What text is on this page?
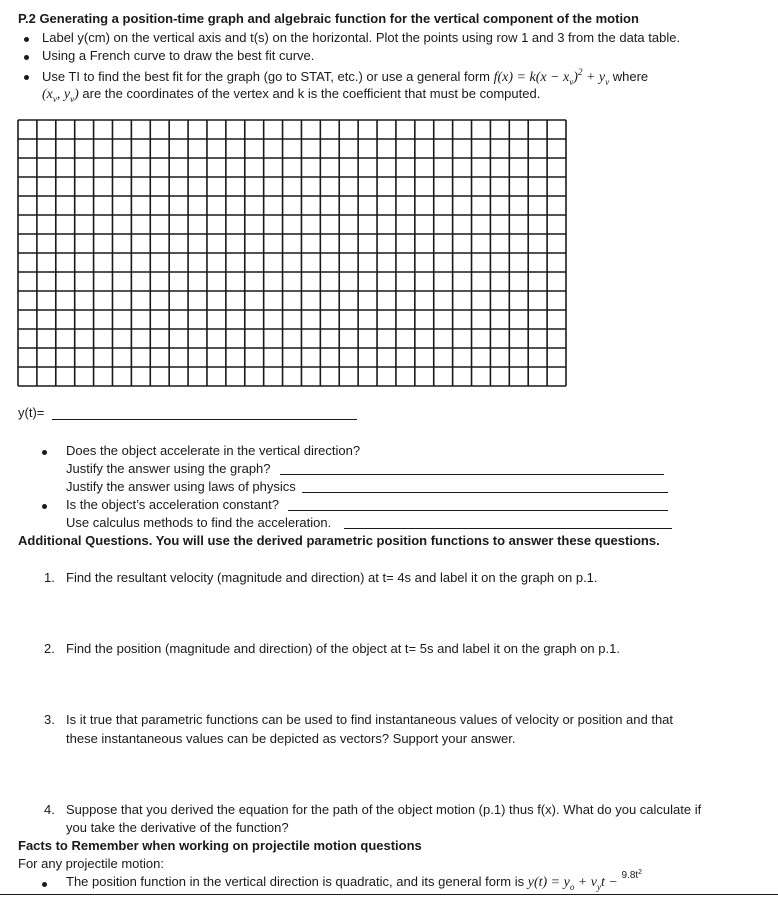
P.2 Generating a position-time graph and algebraic function for the vertical component of the motion
Label y(cm) on the vertical axis and t(s) on the horizontal. Plot the points using row 1 and 3 from the data table.
Using a French curve to draw the best fit curve.
Use TI to find the best fit for the graph (go to STAT, etc.) or use a general form $f(x) = k(x - x_v)^2 + y_v$ where
($x_v$, $y_v$) are the coordinates of the vertex and k is the coefficient that must be computed.
y(t)=
Does the object accelerate in the vertical direction?
Justify the answer using the graph?
Justify the answer using laws of physics
Is the object’s acceleration constant?
Use calculus methods to find the acceleration.
Additional Questions. You will use the derived parametric position functions to answer these questions.
1. Find the resultant velocity (magnitude and direction) at t= 4s and label it on the graph on p.1.
2. Find the position (magnitude and direction) of the object at t= 5s and label it on the graph on p.1.
3. Is it true that parametric functions can be used to find instantaneous values of velocity or position and that
these instantaneous values can be depicted as vectors? Support your answer.
4. Suppose that you derived the equation for the path of the object motion (p.1) thus f(x). What do you calculate if
you take the derivative of the function?
Facts to Remember when working on projectile motion questions
For any projectile motion:
The position function in the vertical direction is quadratic, and its general form is $y(t) = y_o + v_yt - 9.8t^2$
